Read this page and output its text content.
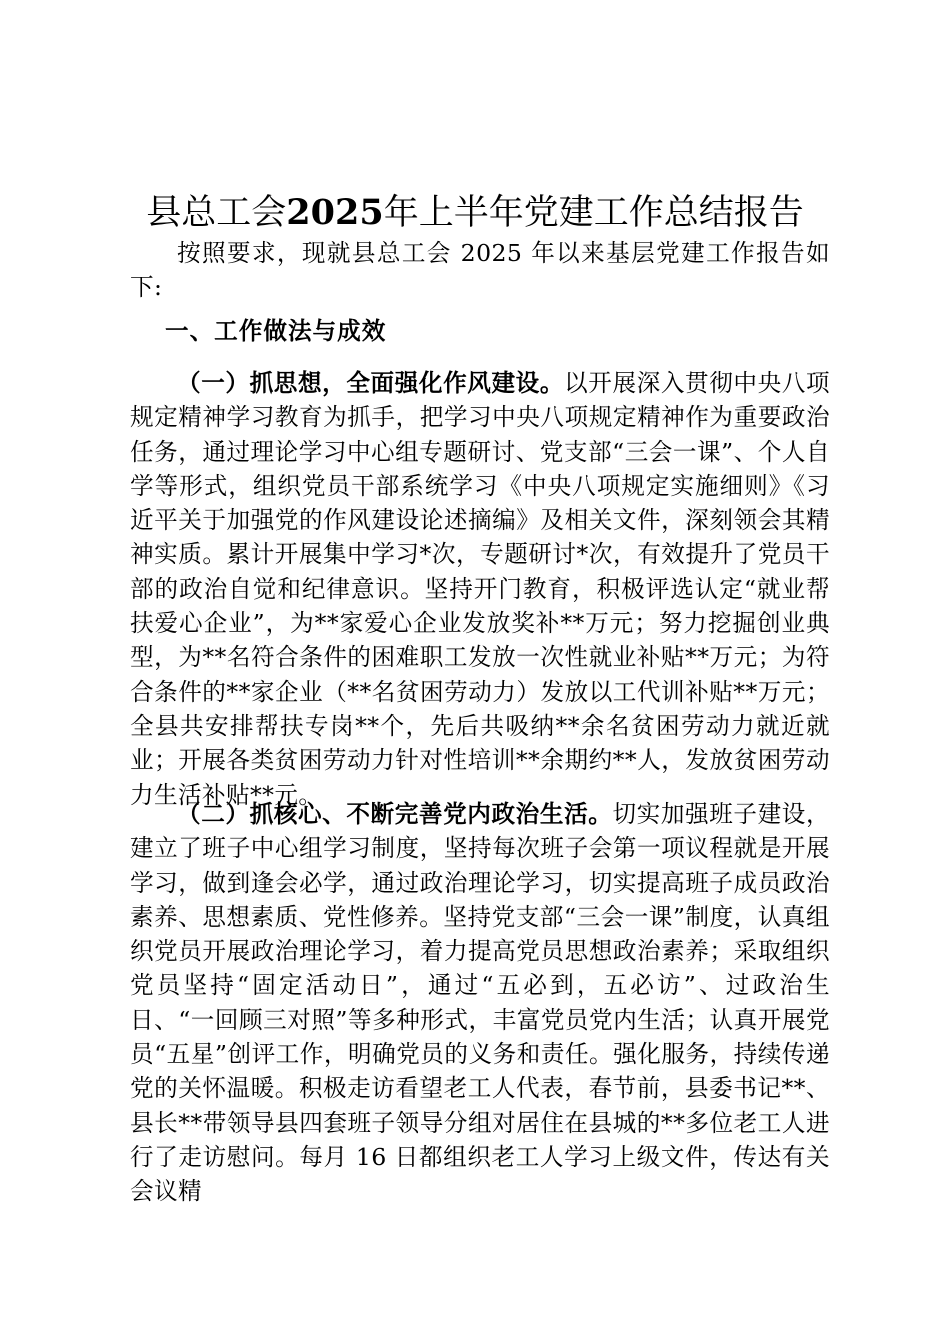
县总工会2025年上半年党建工作总结报告

按照要求，现就县总工会 2025 年以来基层党建工作报告如下:

一、工作做法与成效

（一）抓思想，全面强化作风建设。以开展深入贯彻中央八项规定精神学习教育为抓手，把学习中央八项规定精神作为重要政治任务，通过理论学习中心组专题研讨、党支部“三会一课”、个人自学等形式，组织党员干部系统学习《中央八项规定实施细则》《习近平关于加强党的作风建设论述摘编》及相关文件，深刻领会其精神实质。累计开展集中学习*次，专题研讨*次，有效提升了党员干部的政治自觉和纪律意识。坚持开门教育，积极评选认定“就业帮扶爱心企业”，为**家爱心企业发放奖补**万元；努力挖掘创业典型，为**名符合条件的困难职工发放一次性就业补贴**万元；为符合条件的**家企业（**名贫困劳动力）发放以工代训补贴**万元；全县共安排帮扶专岗**个，先后共吸纳**余名贫困劳动力就近就业；开展各类贫困劳动力针对性培训**余期约**人，发放贫困劳动力生活补贴**元。

（二）抓核心、不断完善党内政治生活。切实加强班子建设，建立了班子中心组学习制度，坚持每次班子会第一项议程就是开展学习，做到逢会必学，通过政治理论学习，切实提高班子成员政治素养、思想素质、党性修养。坚持党支部“三会一课”制度，认真组织党员开展政治理论学习，着力提高党员思想政治素养；采取组织党员坚持“固定活动日”，通过“五必到，五必访”、过政治生日、“一回顾三对照”等多种形式，丰富党员党内生活；认真开展党员“五星”创评工作，明确党员的义务和责任。强化服务，持续传递党的关怀温暖。积极走访看望老工人代表，春节前，县委书记**、县长**带领导县四套班子领导分组对居住在县城的**多位老工人进行了走访慰问。每月 16 日都组织老工人学习上级文件，传达有关会议精
